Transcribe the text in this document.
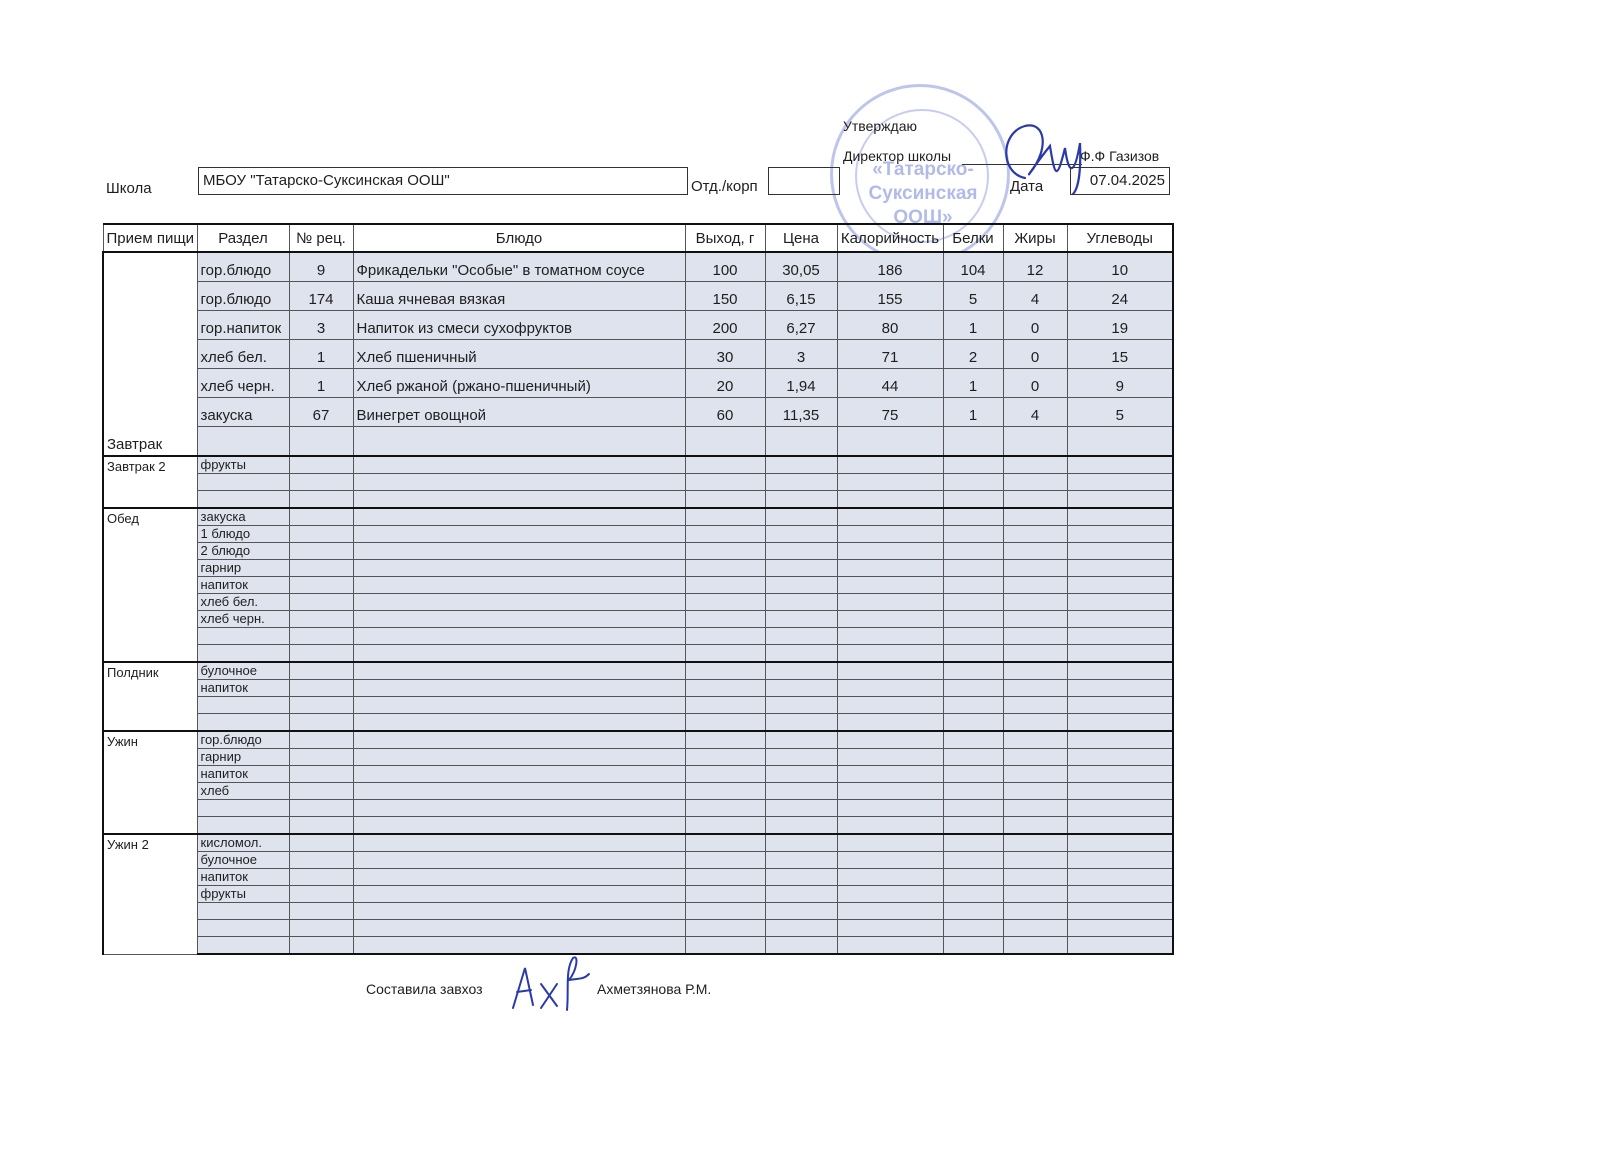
«Татарско-
Суксинская
ООШ»
Утверждаю
Директор школы	Ф.Ф Газизов
Школа	МБОУ "Татарско-Суксинская ООШ"	Отд./корп	Дата	07.04.2025
Прием пищи	Раздел	№ рец.	Блюдо	Выход, г	Цена	Калорийность	Белки	Жиры	Углеводы
Завтрак	гор.блюдо	9	Фрикадельки "Особые" в томатном соусе	100	30,05	186	104	12	10
	гор.блюдо	174	Каша ячневая вязкая	150	6,15	155	5	4	24
	гор.напиток	3	Напиток из смеси сухофруктов	200	6,27	80	1	0	19
	хлеб бел.	1	Хлеб пшеничный	30	3	71	2	0	15
	хлеб черн.	1	Хлеб ржаной (ржано-пшеничный)	20	1,94	44	1	0	9
	закуска	67	Винегрет овощной	60	11,35	75	1	4	5

Завтрак 2	фрукты								

Обед	закуска								
	1 блюдо								
	2 блюдо								
	гарнир								
	напиток								
	хлеб бел.								
	хлеб черн.								

Полдник	булочное								
	напиток								

Ужин	гор.блюдо								
	гарнир								
	напиток								
	хлеб								

Ужин 2	кисломол.								
	булочное								
	напиток								
	фрукты								

Составила завхоз	Ахметзянова Р.М.
